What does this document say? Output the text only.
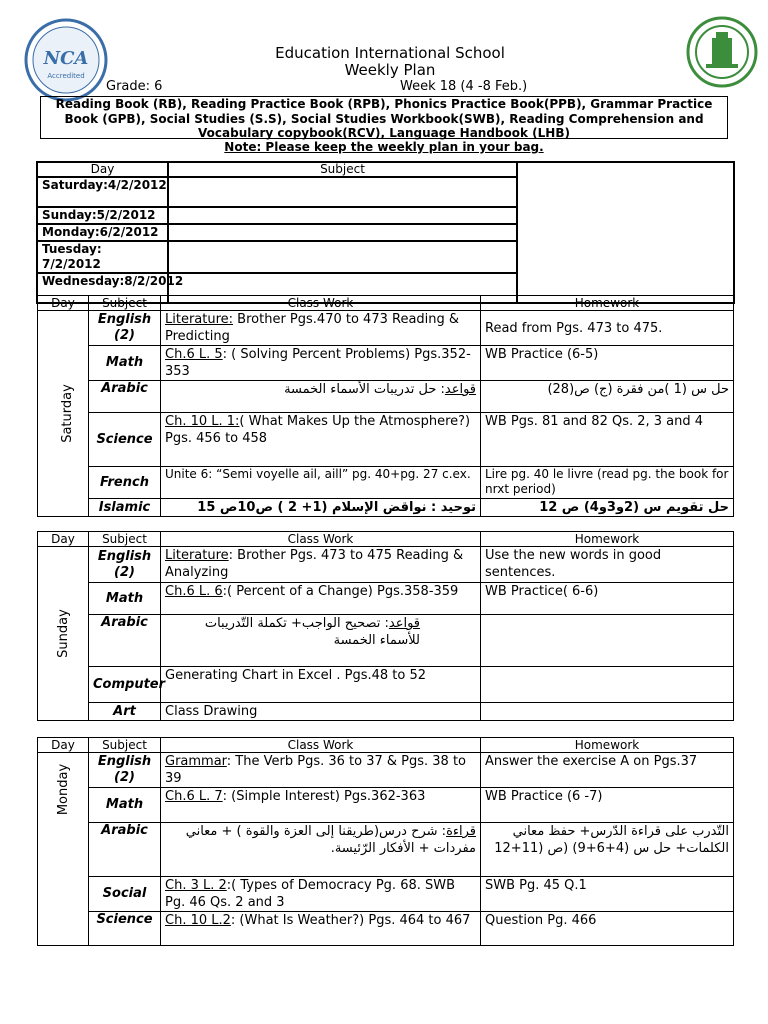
NCA
Accredited
Education International School
Weekly Plan
Grade: 6	Week 18 (4 -8 Feb.)
Reading Book (RB), Reading Practice Book (RPB), Phonics Practice Book(PPB), Grammar Practice Book (GPB), Social Studies (S.S), Social Studies Workbook(SWB), Reading Comprehension and Vocabulary copybook(RCV), Language Handbook (LHB)
Note: Please keep the weekly plan in your bag.
Day	Subject	
Saturday:4/2/2012		
Sunday:5/2/2012		
Monday:6/2/2012		
Tuesday: 7/2/2012		
Wednesday:8/2/2012		
Day	Subject	Class Work	Homework
Saturday	English (2)	Literature: Brother Pgs.470 to 473 Reading & Predicting	Read from Pgs. 473 to 475.
	Math	Ch.6 L. 5: ( Solving Percent Problems) Pgs.352-353	WB Practice (6-5)
	Arabic	قواعد: حل تدريبات الأسماء الخمسة	حل س (1 )من فقرة (ج) ص(28)
	Science	Ch. 10 L. 1:( What Makes Up the Atmosphere?) Pgs. 456 to 458	WB Pgs. 81 and 82 Qs. 2, 3 and 4
	French	Unite 6: “Semi voyelle ail, aill” pg. 40+pg. 27 c.ex.	Lire pg. 40 le livre (read pg. the book for nrxt period)
	Islamic	توحيد : نواقض الإسلام (1+ 2 ) ص10ص 15	حل تقويم س (2و3و4) ص 12
Day	Subject	Class Work	Homework
Sunday	English (2)	Literature: Brother Pgs. 473 to 475 Reading & Analyzing	Use the new words in good sentences.
	Math	Ch.6 L. 6:( Percent of a Change) Pgs.358-359	WB Practice( 6-6)
	Arabic	قواعد: تصحيح الواجب+ تكملة التّدريبات للأسماء الخمسة	
	Computer	Generating Chart in Excel . Pgs.48 to 52	
	Art	Class Drawing	
Day	Subject	Class Work	Homework
Monday	English (2)	Grammar: The Verb Pgs. 36 to 37 & Pgs. 38 to 39	Answer the exercise A on Pgs.37
	Math	Ch.6 L. 7: (Simple Interest) Pgs.362-363	WB Practice (6 -7)
	Arabic	قراءة: شرح درس(طريقنا إلى العزة والقوة ) + معاني مفردات + الأفكار الرّئيسة.	التّدرب على قراءة الدّرس+ حفظ معاني الكلمات+ حل س (4+6+9) (ص (11+12
	Social	Ch. 3 L. 2:( Types of Democracy Pg. 68. SWB Pg. 46 Qs. 2 and 3	SWB Pg. 45 Q.1
	Science	Ch. 10 L.2: (What Is Weather?) Pgs. 464 to 467	Question Pg. 466
